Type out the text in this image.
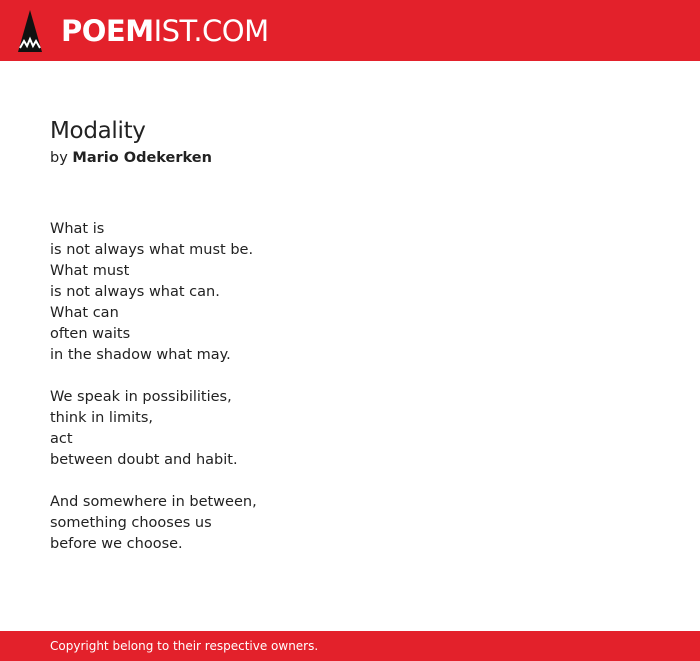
POEMIST.COM
Modality
by Mario Odekerken
What is
is not always what must be.
What must
is not always what can.
What can
often waits
in the shadow what may.
We speak in possibilities,
think in limits,
act
between doubt and habit.
And somewhere in between,
something chooses us
before we choose.
Copyright belong to their respective owners.
